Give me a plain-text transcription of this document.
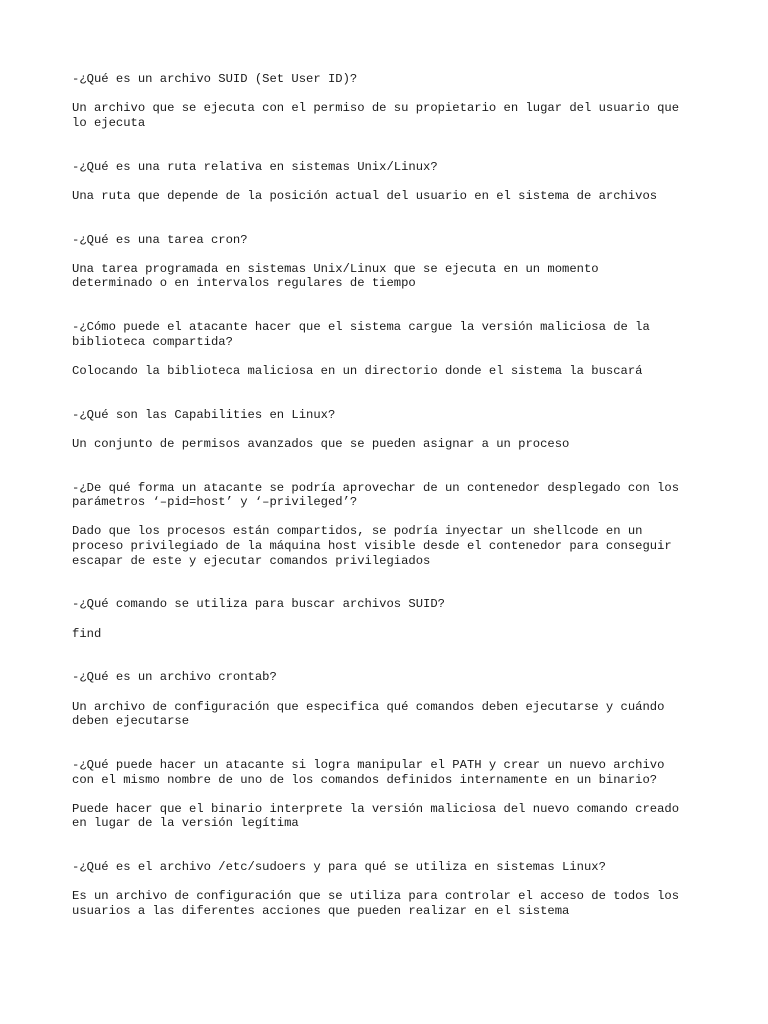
-¿Qué es un archivo SUID (Set User ID)?

Un archivo que se ejecuta con el permiso de su propietario en lugar del usuario que
lo ejecuta

-¿Qué es una ruta relativa en sistemas Unix/Linux?

Una ruta que depende de la posición actual del usuario en el sistema de archivos

-¿Qué es una tarea cron?

Una tarea programada en sistemas Unix/Linux que se ejecuta en un momento
determinado o en intervalos regulares de tiempo

-¿Cómo puede el atacante hacer que el sistema cargue la versión maliciosa de la
biblioteca compartida?

Colocando la biblioteca maliciosa en un directorio donde el sistema la buscará

-¿Qué son las Capabilities en Linux?

Un conjunto de permisos avanzados que se pueden asignar a un proceso

-¿De qué forma un atacante se podría aprovechar de un contenedor desplegado con los
parámetros ‘–pid=host’ y ‘–privileged’?

Dado que los procesos están compartidos, se podría inyectar un shellcode en un
proceso privilegiado de la máquina host visible desde el contenedor para conseguir
escapar de este y ejecutar comandos privilegiados

-¿Qué comando se utiliza para buscar archivos SUID?

find

-¿Qué es un archivo crontab?

Un archivo de configuración que especifica qué comandos deben ejecutarse y cuándo
deben ejecutarse

-¿Qué puede hacer un atacante si logra manipular el PATH y crear un nuevo archivo
con el mismo nombre de uno de los comandos definidos internamente en un binario?

Puede hacer que el binario interprete la versión maliciosa del nuevo comando creado
en lugar de la versión legítima

-¿Qué es el archivo /etc/sudoers y para qué se utiliza en sistemas Linux?

Es un archivo de configuración que se utiliza para controlar el acceso de todos los
usuarios a las diferentes acciones que pueden realizar en el sistema
